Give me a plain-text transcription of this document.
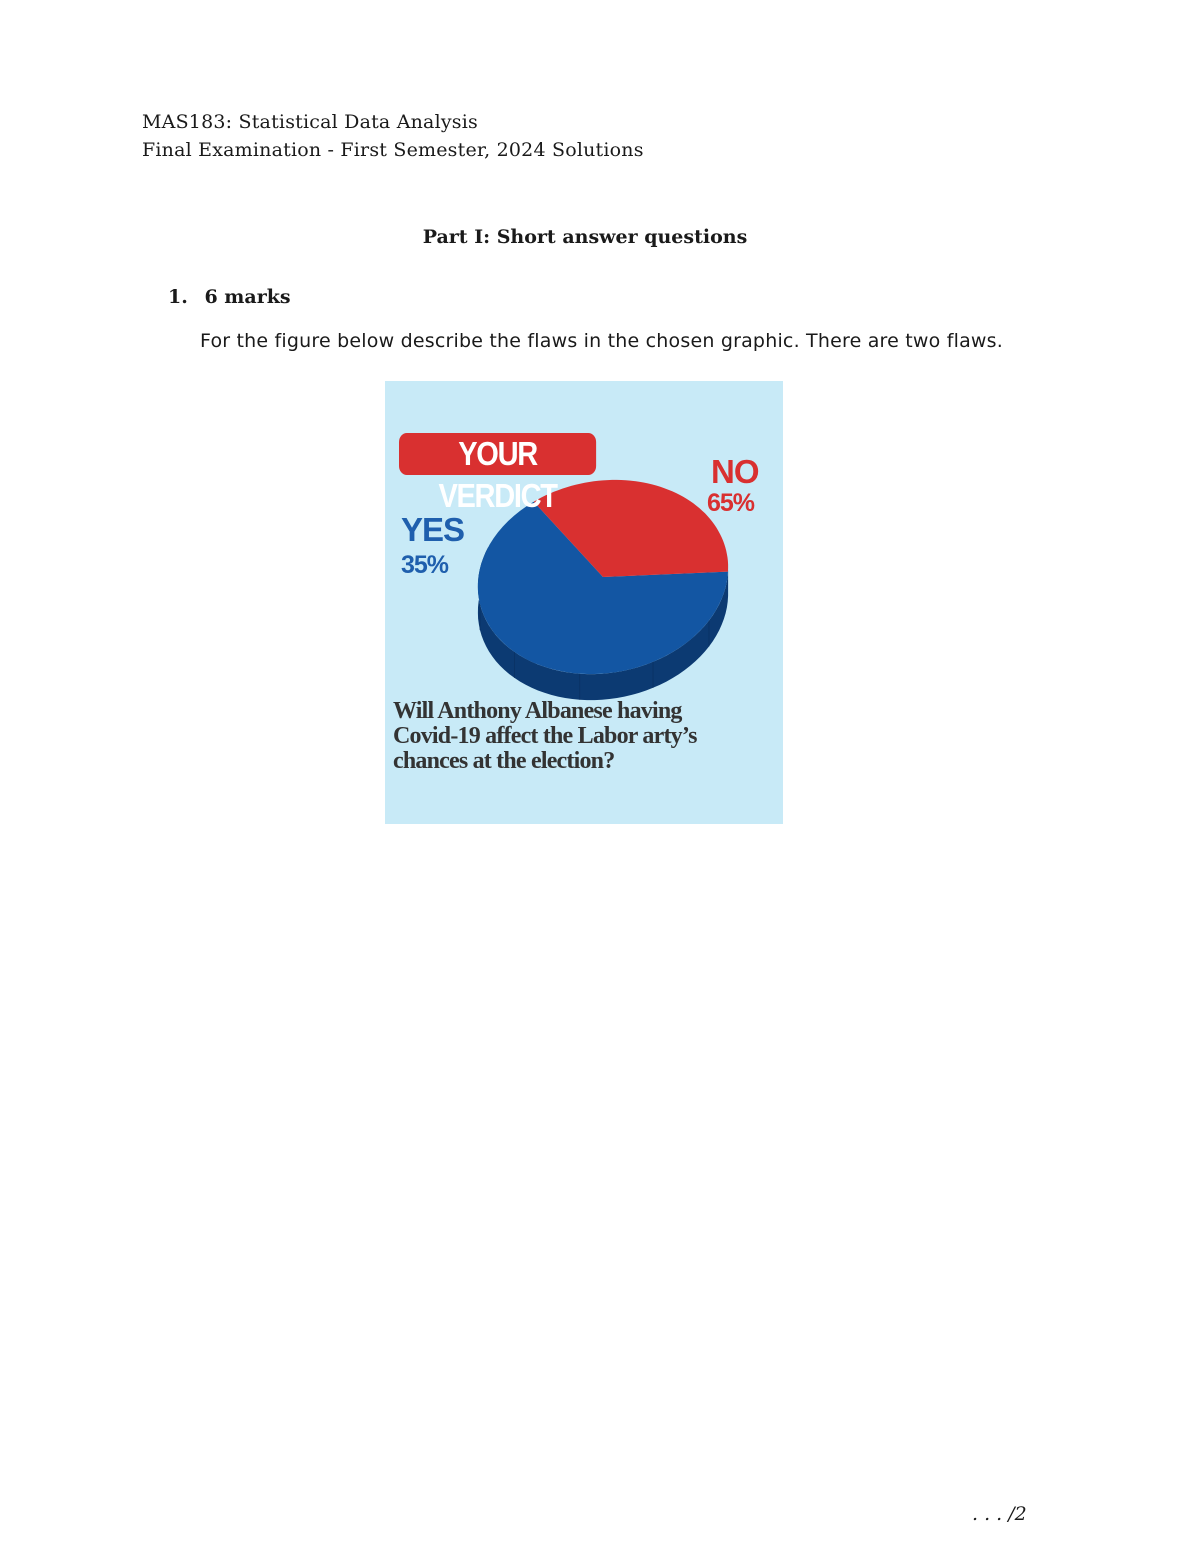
MAS183: Statistical Data Analysis
Final Examination - First Semester, 2024 Solutions
Part I: Short answer questions
1. 6 marks
For the figure below describe the flaws in the chosen graphic. There are two flaws.
YOUR VERDICT
NO
65%
YES
35%
Will Anthony Albanese having
Covid-19 affect the Labor arty’s
chances at the election?
. . . /2
